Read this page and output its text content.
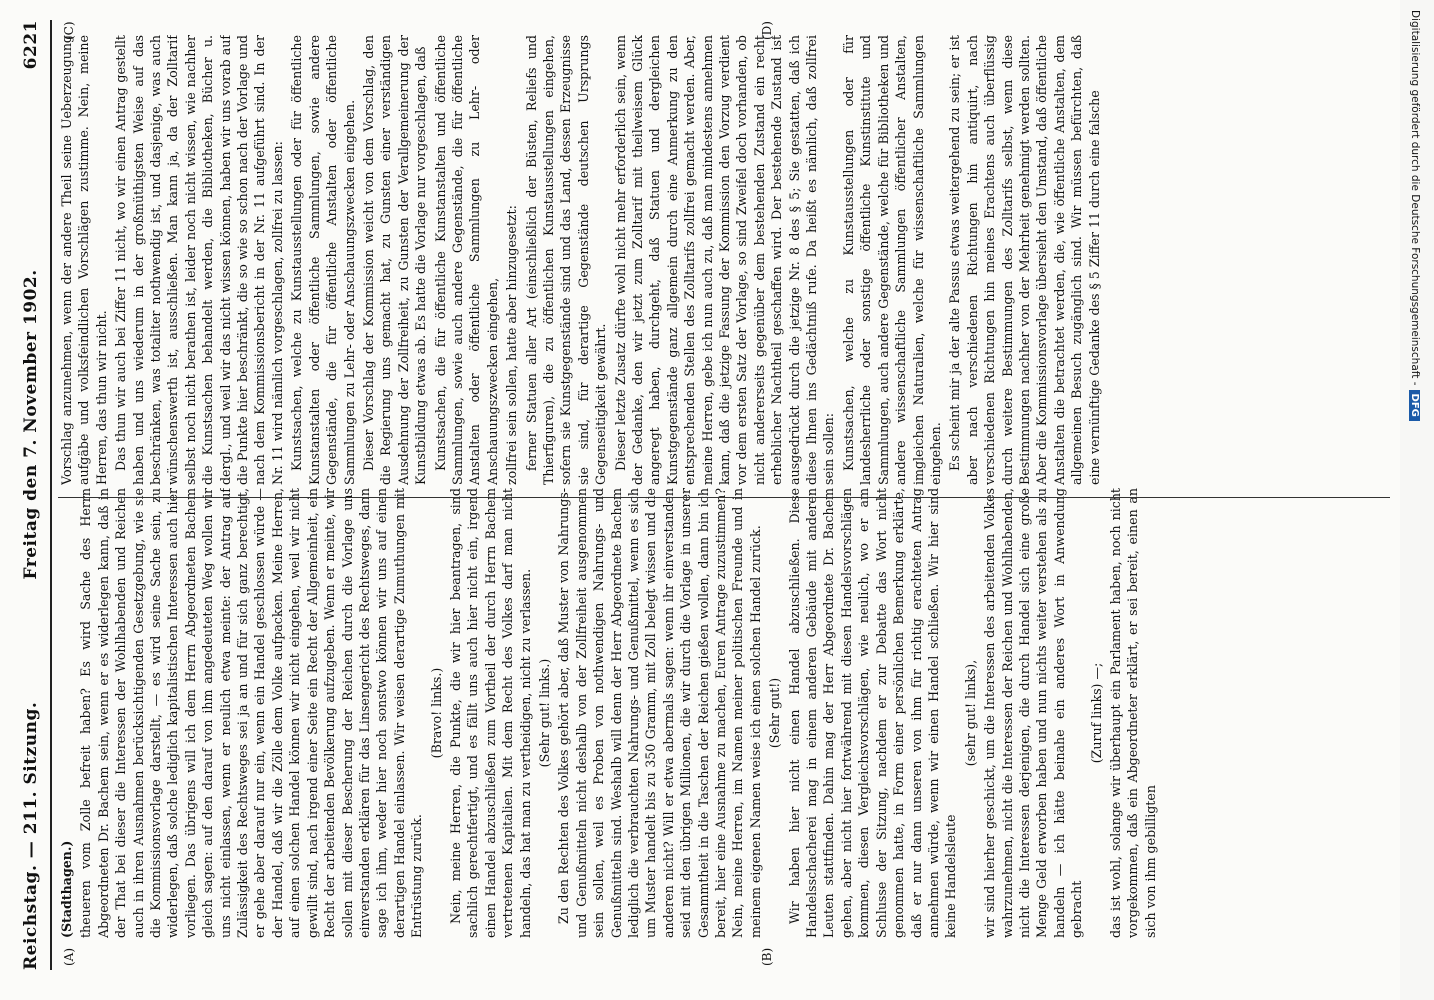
Reichstag. — 211. Sitzung.
Freitag den 7. November 1902.
6221
(A)	(B)
(C)	(D)

(Stadthagen.) theueren vom Zolle befreit haben? Es wird Sache des Herrn Abgeordneten Dr. Bachem sein, wenn er es widerlegen kann, daß in der That bei dieser die Interessen der Wohlhabenden und Reichen auch in ihren Ausnahmen berücksichtigenden Gesetzgebung, wie sie die Kommissionsvorlage darstellt, — es wird seine Sache sein, zu widerlegen, daß solche lediglich kapitalistischen Interessen auch hier vorliegen. Das übrigens will ich dem Herrn Abgeordneten Bachem gleich sagen: auf den darauf von ihm angedeuteten Weg wollen wir uns nicht einlassen, wenn er neulich etwa meinte: der Antrag auf Zulässigkeit des Rechtsweges sei ja an und für sich ganz berechtigt, er gehe aber darauf nur ein, wenn ein Handel geschlossen würde — der Handel, daß wir die Zölle dem Volke aufpacken. Meine Herren, auf einen solchen Handel können wir nicht eingehen, weil wir nicht gewillt sind, nach irgend einer Seite ein Recht der Allgemeinheit, ein Recht der arbeitenden Bevölkerung aufzugeben. Wenn er meinte, wir sollen mit dieser Bescherung der Reichen durch die Vorlage uns einverstanden erklären für das Linsengericht des Rechtsweges, dann sage ich ihm, weder hier noch sonstwo können wir uns auf einen derartigen Handel einlassen. Wir weisen derartige Zumuthungen mit Entrüstung zurück.

(Bravo! links.) Nein, meine Herren, die Punkte, die wir hier beantragen, sind sachlich gerechtfertigt, und es fällt uns auch hier nicht ein, irgend einen Handel abzuschließen zum Vortheil der durch Herrn Bachem vertretenen Kapitalien. Mit dem Recht des Volkes darf man nicht handeln, das hat man zu vertheidigen, nicht zu verlassen. (Sehr gut! links.) Zu den Rechten des Volkes gehört aber, daß Muster von Nahrungs- und Genußmitteln nicht deshalb von der Zollfreiheit ausgenommen sein sollen, weil es Proben von nothwendigen Nahrungs- und Genußmitteln sind. Weshalb will denn der Herr Abgeordnete Bachem lediglich die verbrauchten Nahrungs- und Genußmittel, wenn es sich um Muster handelt bis zu 350 Gramm, mit Zoll belegt wissen und die anderen nicht? Will er etwa abermals sagen: wenn ihr einverstanden seid mit den übrigen Millionen, die wir durch die Vorlage in unserer Gesammtheit in die Taschen der Reichen gießen wollen, dann bin ich bereit, hier eine Ausnahme zu machen, Euren Antrage zuzustimmen? Nein, meine Herren, im Namen meiner politischen Freunde und in meinem eigenen Namen weise ich einen solchen Handel zurück. (Sehr gut!) Wir haben hier nicht einen Handel abzuschließen. Diese Handelsschacherei mag in einem anderen Gebäude mit anderen Leuten stattfinden. Dahin mag der Herr Abgeordnete Dr. Bachem gehen, aber nicht hier fortwährend mit diesen Handelsvorschlägen kommen, diesen Vergleichsvorschlägen, wie neulich, wo er am Schlusse der Sitzung, nachdem er zur Debatte das Wort nicht genommen hatte, in Form einer persönlichen Bemerkung erklärte, daß er nur dann unseren von ihm für richtig erachteten Antrag annehmen würde, wenn wir einen Handel schließen. Wir hier sind keine Handelsleute

(sehr gut! links), wir sind hierher geschickt, um die Interessen des arbeitenden Volkes wahrzunehmen, nicht die Interessen der Reichen und Wohlhabenden, nicht die Interessen derjenigen, die durch Handel sich eine große Menge Geld erworben haben und nun nichts weiter verstehen als zu handeln — ich hätte beinahe ein anderes Wort in Anwendung gebracht

(Zuruf links) —; das ist wohl, solange wir überhaupt ein Parlament haben, noch nicht vorgekommen, daß ein Abgeordneter erklärt, er sei bereit, einen an sich von ihm gebilligten

Vorschlag anzunehmen, wenn der andere Theil seine Ueberzeugung aufgäbe und volksfeindlichen Vorschlägen zustimme. Nein, meine Herren, das thun wir nicht. Das thun wir auch bei Ziffer 11 nicht, wo wir einen Antrag gestellt haben und uns wiederum in der großmüthigsten Weise auf das beschränken, was totaliter nothwendig ist, und dasjenige, was auch wünschenswerth ist, ausschließen. Man kann ja, da der Zolltarif selbst noch nicht berathen ist, leider noch nicht wissen, wie nachher die Kunstsachen behandelt werden, die Bibliotheken, Bücher u. dergl., und weil wir das nicht wissen können, haben wir uns vorab auf die Punkte hier beschränkt, die so wie so schon nach der Vorlage und nach dem Kommissionsbericht in der Nr. 11 aufgeführt sind. In der Nr. 11 wird nämlich vorgeschlagen, zollfrei zu lassen: Kunstsachen, welche zu Kunstausstellungen oder für öffentliche Kunstanstalten oder öffentliche Sammlungen, sowie andere Gegenstände, die für öffentliche Anstalten oder öffentliche Sammlungen zu Lehr- oder Anschauungszwecken eingehen. Dieser Vorschlag der Kommission weicht von dem Vorschlag, den die Regierung uns gemacht hat, zu Gunsten einer verständigen Ausdehnung der Zollfreiheit, zu Gunsten der Verallgemeinerung der Kunstbildung etwas ab. Es hatte die Vorlage nur vorgeschlagen, daß Kunstsachen, die für öffentliche Kunstanstalten und öffentliche Sammlungen, sowie auch andere Gegenstände, die für öffentliche Anstalten oder öffentliche Sammlungen zu Lehr- oder Anschauungszwecken eingehen, zollfrei sein sollen, hatte aber hinzugesetzt: ferner Statuen aller Art (einschließlich der Büsten, Reliefs und Thierfiguren), die zu öffentlichen Kunstausstellungen eingehen, sofern sie Kunstgegenstände sind und das Land, dessen Erzeugnisse sie sind, für derartige Gegenstände deutschen Ursprungs Gegenseitigkeit gewährt. Dieser letzte Zusatz dürfte wohl nicht mehr erforderlich sein, wenn der Gedanke, den wir jetzt zum Zolltarif mit theilweisem Glück angeregt haben, durchgeht, daß Statuen und dergleichen Kunstgegenstände ganz allgemein durch eine Anmerkung zu den entsprechenden Stellen des Zolltarifs zollfrei gemacht werden. Aber, meine Herren, gebe ich nun auch zu, daß man mindestens annehmen kann, daß die jetzige Fassung der Kommission den Vorzug verdient vor dem ersten Satz der Vorlage, so sind Zweifel doch vorhanden, ob nicht andererseits gegenüber dem bestehenden Zustand ein recht erheblicher Nachtheil geschaffen wird. Der bestehende Zustand ist ausgedrückt durch die jetzige Nr. 8 des § 5; Sie gestatten, daß ich diese Ihnen ins Gedächtniß rufe. Da heißt es nämlich, daß zollfrei sein sollen: Kunstsachen, welche zu Kunstausstellungen oder für landesherrliche oder sonstige öffentliche Kunstinstitute und Sammlungen, auch andere Gegenstände, welche für Bibliotheken und andere wissenschaftliche Sammlungen öffentlicher Anstalten, imgleichen Naturalien, welche für wissenschaftliche Sammlungen eingehen. Es scheint mir ja der alte Passus etwas weitergehend zu sein; er ist aber nach verschiedenen Richtungen hin antiquirt, nach verschiedenen Richtungen hin meines Erachtens auch überflüssig durch weitere Bestimmungen des Zolltarifs selbst, wenn diese Bestimmungen nachher von der Mehrheit genehmigt werden sollten. Aber die Kommissionsvorlage übersieht den Umstand, daß öffentliche Anstalten die betrachtet werden, die, wie öffentliche Anstalten, dem allgemeinen Besuch zugänglich sind. Wir müssen befürchten, daß eine vernünftige Gedanke des § 5 Ziffer 11 durch eine falsche	Digitalisierung gefördert durch die Deutsche Forschungsgemeinschaft -
DFG
